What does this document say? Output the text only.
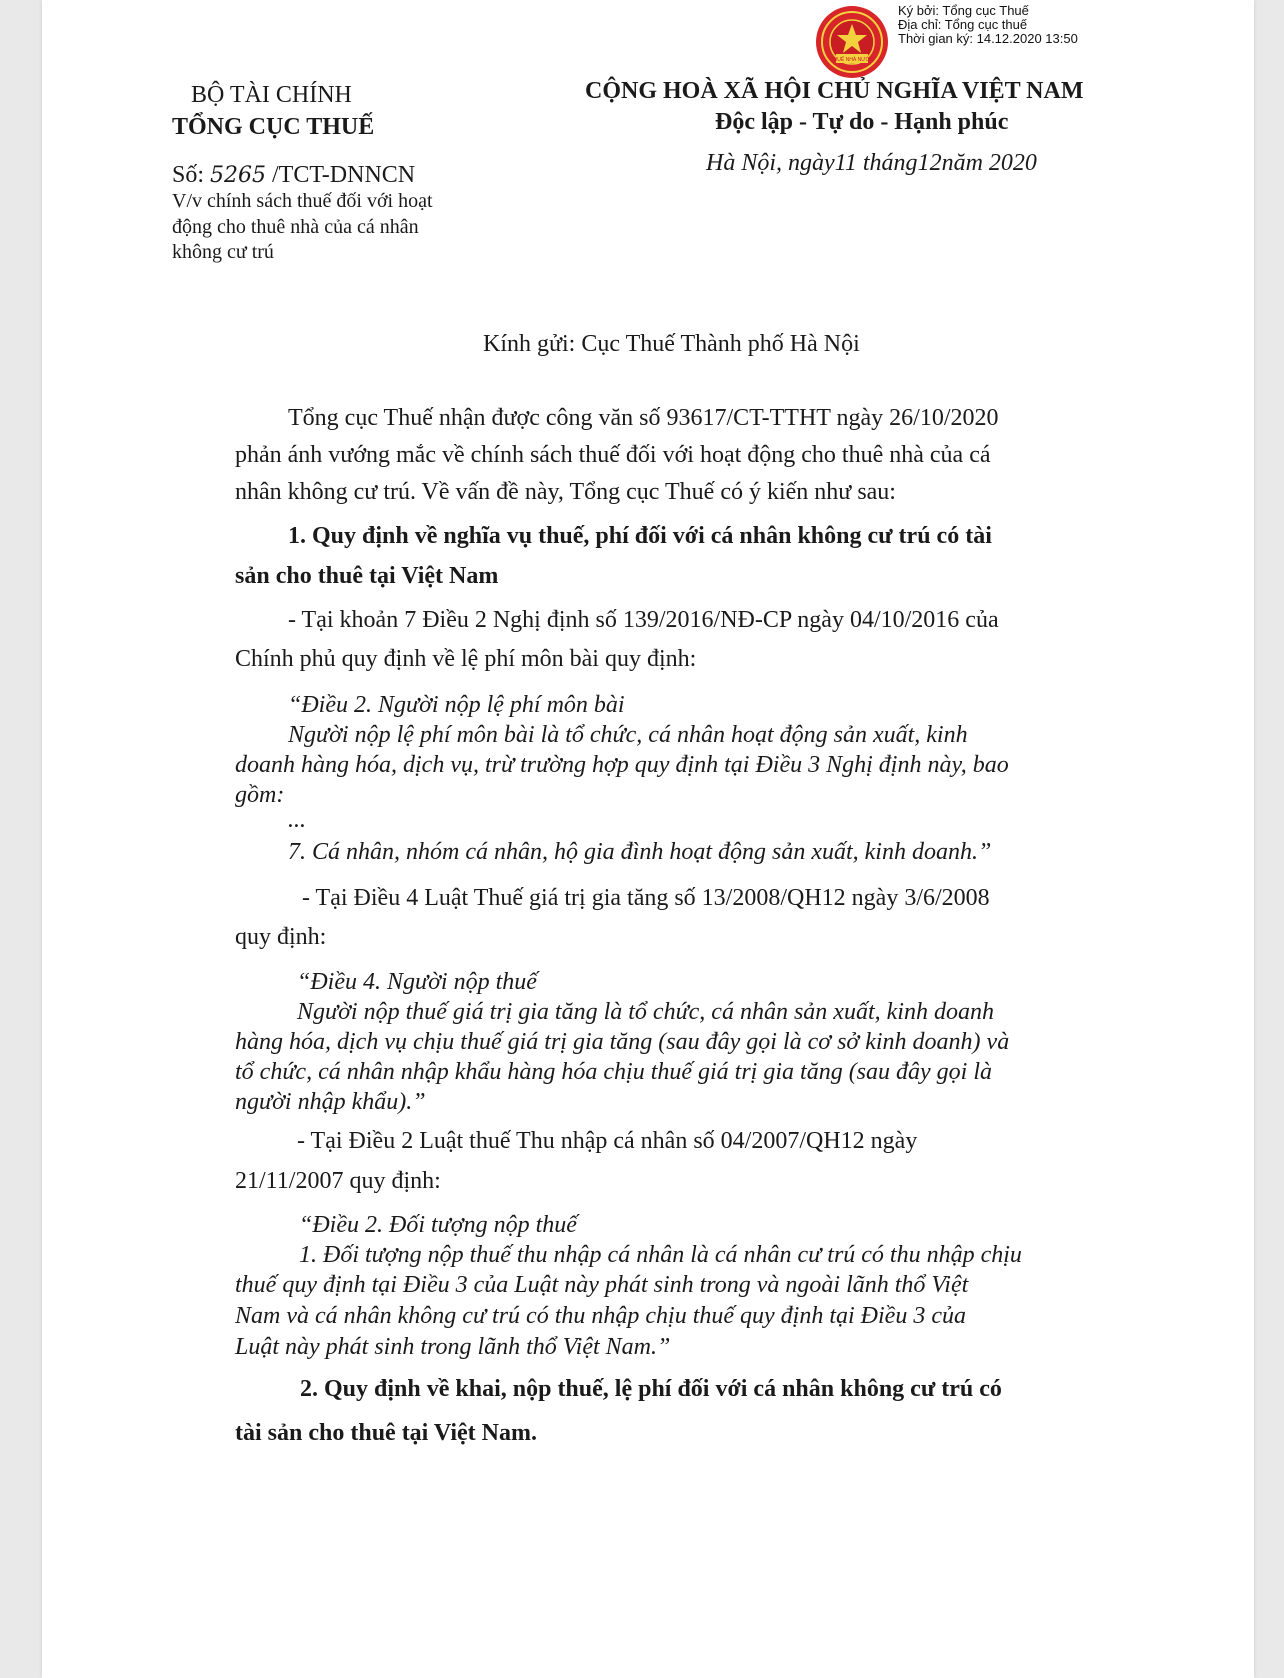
THUẾ NHÀ NƯỚC
Ký bởi: Tổng cục Thuế
Địa chỉ: Tổng cục thuế
Thời gian ký: 14.12.2020 13:50
BỘ TÀI CHÍNH
TỔNG CỤC THUẾ
CỘNG HOÀ XÃ HỘI CHỦ NGHĨA VIỆT NAM
Độc lập - Tự do - Hạnh phúc
Số: 5265 /TCT-DNNCN	Hà Nội, ngày11 tháng12năm 2020
V/v chính sách thuế đối với hoạt
động cho thuê nhà của cá nhân
không cư trú
Kính gửi: Cục Thuế Thành phố Hà Nội
Tổng cục Thuế nhận được công văn số 93617/CT-TTHT ngày 26/10/2020
phản ánh vướng mắc về chính sách thuế đối với hoạt động cho thuê nhà của cá
nhân không cư trú. Về vấn đề này, Tổng cục Thuế có ý kiến như sau:
1. Quy định về nghĩa vụ thuế, phí đối với cá nhân không cư trú có tài
sản cho thuê tại Việt Nam
- Tại khoản 7 Điều 2 Nghị định số 139/2016/NĐ-CP ngày 04/10/2016 của
Chính phủ quy định về lệ phí môn bài quy định:
“Điều 2. Người nộp lệ phí môn bài
Người nộp lệ phí môn bài là tổ chức, cá nhân hoạt động sản xuất, kinh
doanh hàng hóa, dịch vụ, trừ trường hợp quy định tại Điều 3 Nghị định này, bao
gồm:
...
7. Cá nhân, nhóm cá nhân, hộ gia đình hoạt động sản xuất, kinh doanh.”
- Tại Điều 4 Luật Thuế giá trị gia tăng số 13/2008/QH12 ngày 3/6/2008
quy định:
“Điều 4. Người nộp thuế
Người nộp thuế giá trị gia tăng là tổ chức, cá nhân sản xuất, kinh doanh
hàng hóa, dịch vụ chịu thuế giá trị gia tăng (sau đây gọi là cơ sở kinh doanh) và
tổ chức, cá nhân nhập khẩu hàng hóa chịu thuế giá trị gia tăng (sau đây gọi là
người nhập khẩu).”
- Tại Điều 2 Luật thuế Thu nhập cá nhân số 04/2007/QH12 ngày
21/11/2007 quy định:
“Điều 2. Đối tượng nộp thuế
1. Đối tượng nộp thuế thu nhập cá nhân là cá nhân cư trú có thu nhập chịu
thuế quy định tại Điều 3 của Luật này phát sinh trong và ngoài lãnh thổ Việt
Nam và cá nhân không cư trú có thu nhập chịu thuế quy định tại Điều 3 của
Luật này phát sinh trong lãnh thổ Việt Nam.”
2. Quy định về khai, nộp thuế, lệ phí đối với cá nhân không cư trú có
tài sản cho thuê tại Việt Nam.
